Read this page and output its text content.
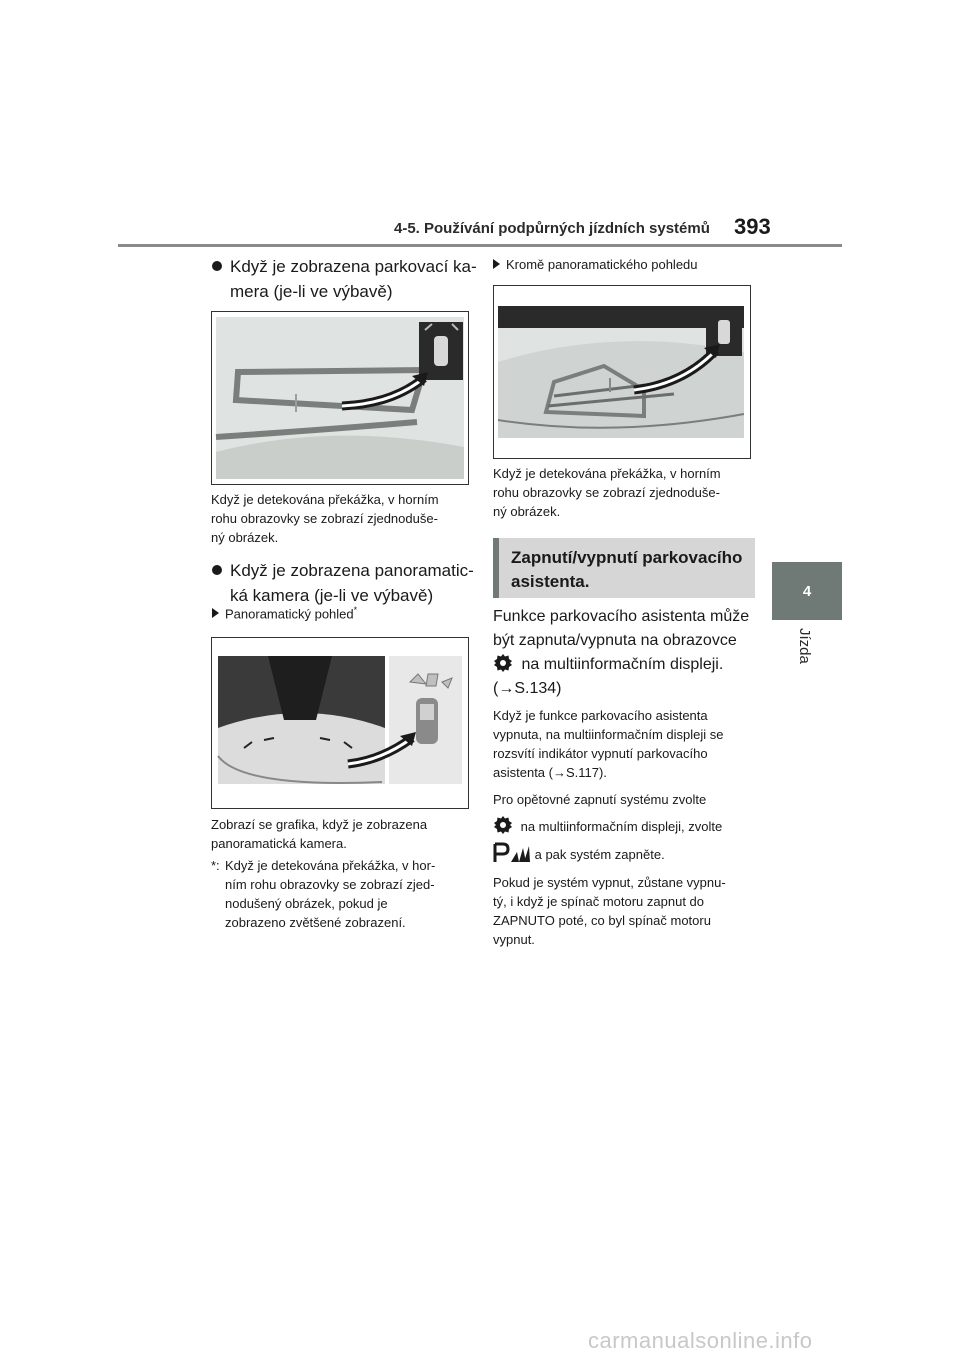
4-5. Používání podpůrných jízdních systémů 393
4
Jízda
Když je zobrazena parkovací ka-
mera (je-li ve výbavě)
Když je detekována překážka, v horním
rohu obrazovky se zobrazí zjednoduše-
ný obrázek.
Když je zobrazena panoramatic-
ká kamera (je-li ve výbavě)
Panoramatický pohled*
Zobrazí se grafika, když je zobrazena
panoramatická kamera.
*: Když je detekována překážka, v hor-
ním rohu obrazovky se zobrazí zjed-
nodušený obrázek, pokud je
zobrazeno zvětšené zobrazení.
Kromě panoramatického pohledu
Když je detekována překážka, v horním
rohu obrazovky se zobrazí zjednoduše-
ný obrázek.
Zapnutí/vypnutí parkovacího
asistenta.
Funkce parkovacího asistenta může
být zapnuta/vypnuta na obrazovce
na multiinformačním displeji.
(→S.134)
Když je funkce parkovacího asistenta
vypnuta, na multiinformačním displeji se
rozsvítí indikátor vypnutí parkovacího
asistenta (→S.117).
Pro opětovné zapnutí systému zvolte
na multiinformačním displeji, zvolte
a pak systém zapněte.
Pokud je systém vypnut, zůstane vypnu-
tý, i když je spínač motoru zapnut do
ZAPNUTO poté, co byl spínač motoru
vypnut.
carmanualsonline.info
